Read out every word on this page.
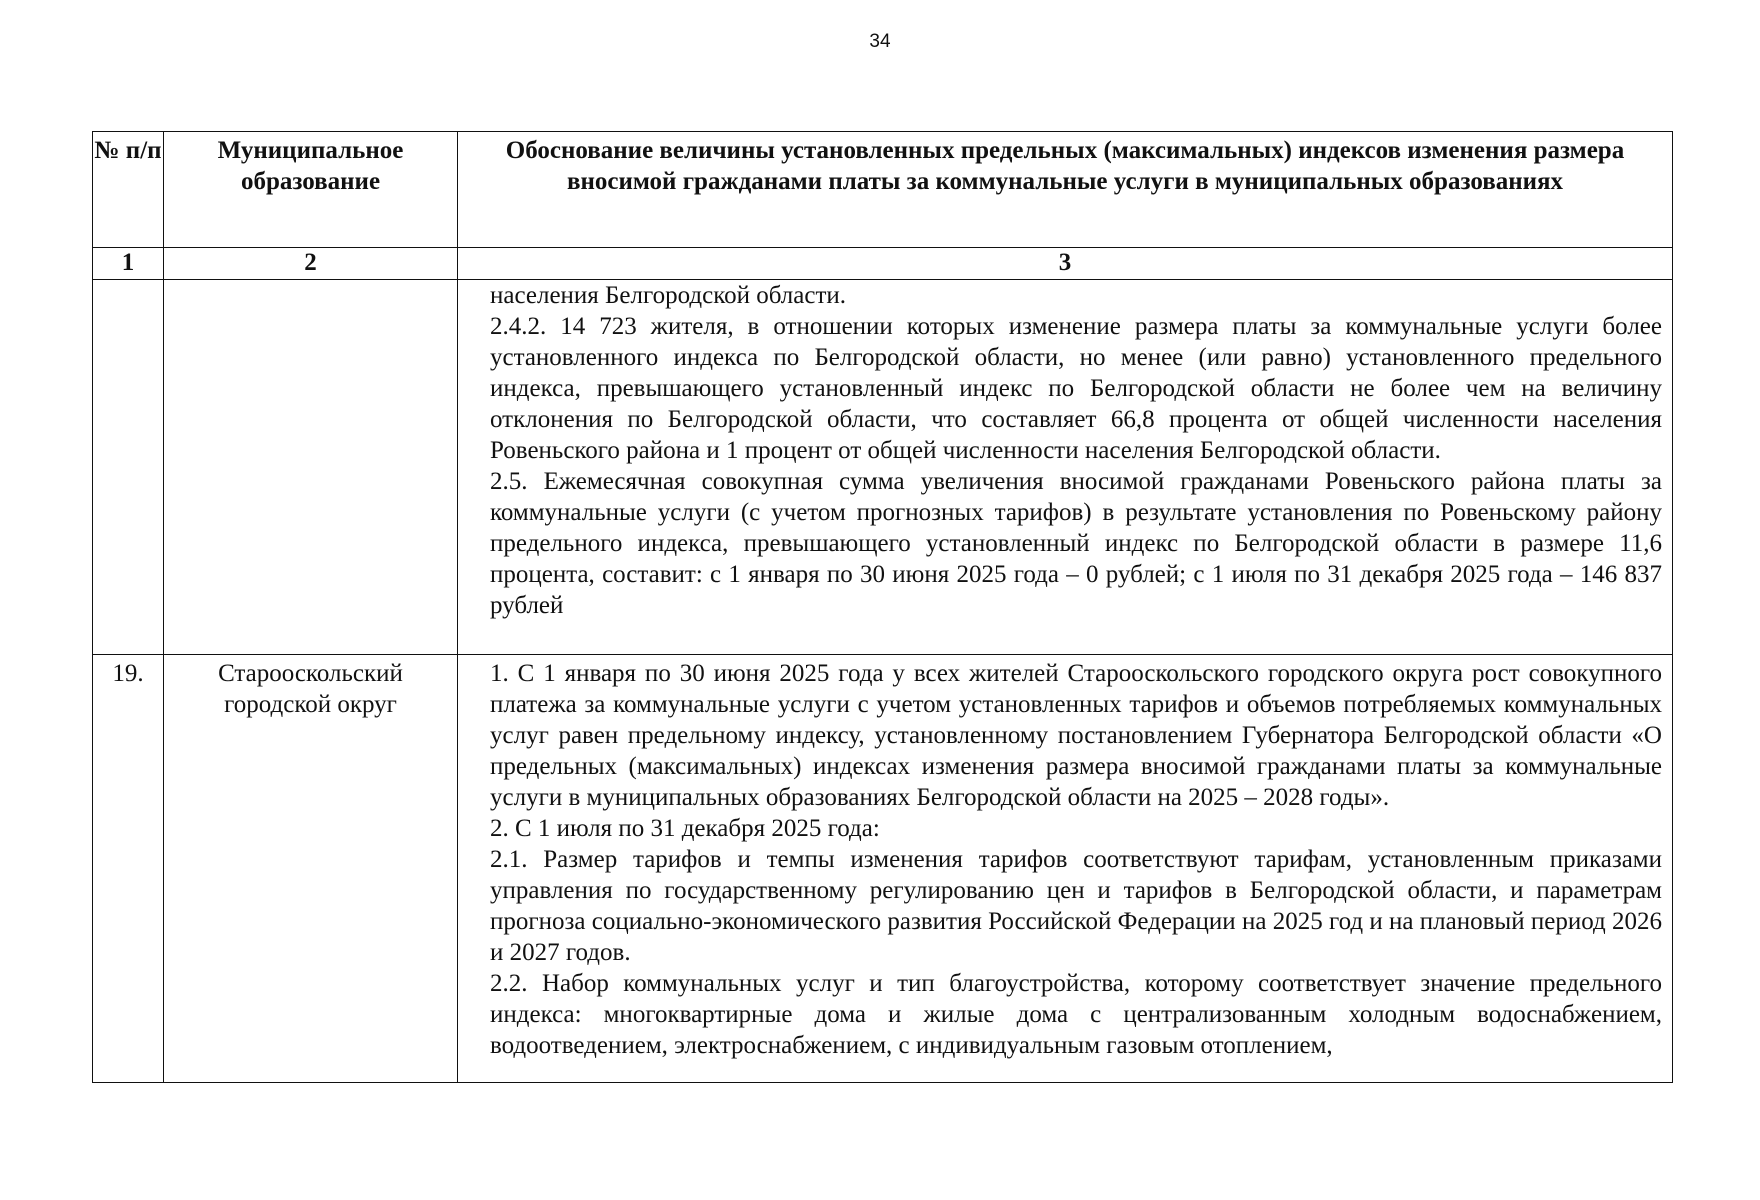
34
№ п/п	Муниципальное образование	Обоснование величины установленных предельных (максимальных) индексов изменения размера вносимой гражданами платы за коммунальные услуги в муниципальных образованиях

1	2	3

		населения Белгородской области.

2.4.2. 14 723 жителя, в отношении которых изменение размера платы за коммунальные услуги более установленного индекса по Белгородской области, но менее (или равно) установленного предельного индекса, превышающего установленный индекс по Белгородской области не более чем на величину отклонения по Белгородской области, что составляет 66,8 процента от общей численности населения Ровеньского района и 1 процент от общей численности населения Белгородской области.

2.5. Ежемесячная совокупная сумма увеличения вносимой гражданами Ровеньского района платы за коммунальные услуги (с учетом прогнозных тарифов) в результате установления по Ровеньскому району предельного индекса, превышающего установленный индекс по Белгородской области в размере 11,6 процента, составит: с 1 января по 30 июня 2025 года – 0 рублей; с 1 июля по 31 декабря 2025 года – 146 837 рублей

19.	Старооскольский городской округ	1. С 1 января по 30 июня 2025 года у всех жителей Старооскольского городского округа рост совокупного платежа за коммунальные услуги с учетом установленных тарифов и объемов потребляемых коммунальных услуг равен предельному индексу, установленному постановлением Губернатора Белгородской области «О предельных (максимальных) индексах изменения размера вносимой гражданами платы за коммунальные услуги в муниципальных образованиях Белгородской области на 2025 – 2028 годы».

2. С 1 июля по 31 декабря 2025 года:

2.1. Размер тарифов и темпы изменения тарифов соответствуют тарифам, установленным приказами управления по государственному регулированию цен и тарифов в Белгородской области, и параметрам прогноза социально-экономического развития Российской Федерации на 2025 год и на плановый период 2026 и 2027 годов.

2.2. Набор коммунальных услуг и тип благоустройства, которому соответствует значение предельного индекса: многоквартирные дома и жилые дома с централизованным холодным водоснабжением, водоотведением, электроснабжением, с индивидуальным газовым отоплением,
